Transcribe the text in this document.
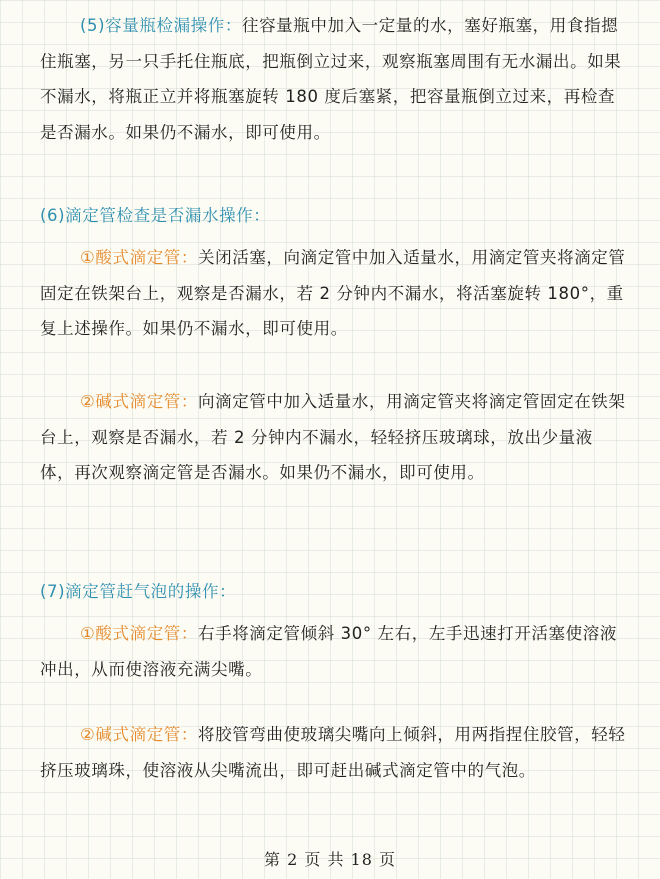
(5)容量瓶检漏操作：往容量瓶中加入一定量的水，塞好瓶塞，用食指摁住瓶塞，另一只手托住瓶底，把瓶倒立过来，观察瓶塞周围有无水漏出。如果不漏水，将瓶正立并将瓶塞旋转 180 度后塞紧，把容量瓶倒立过来，再检查是否漏水。如果仍不漏水，即可使用。

(6)滴定管检查是否漏水操作：

①酸式滴定管：关闭活塞，向滴定管中加入适量水，用滴定管夹将滴定管固定在铁架台上，观察是否漏水，若 2 分钟内不漏水，将活塞旋转 180°，重复上述操作。如果仍不漏水，即可使用。

②碱式滴定管：向滴定管中加入适量水，用滴定管夹将滴定管固定在铁架台上，观察是否漏水，若 2 分钟内不漏水，轻轻挤压玻璃球，放出少量液体，再次观察滴定管是否漏水。如果仍不漏水，即可使用。

(7)滴定管赶气泡的操作：

①酸式滴定管：右手将滴定管倾斜 30° 左右，左手迅速打开活塞使溶液冲出，从而使溶液充满尖嘴。

②碱式滴定管：将胶管弯曲使玻璃尖嘴向上倾斜，用两指捏住胶管，轻轻挤压玻璃珠，使溶液从尖嘴流出，即可赶出碱式滴定管中的气泡。

第 2 页 共 18 页
